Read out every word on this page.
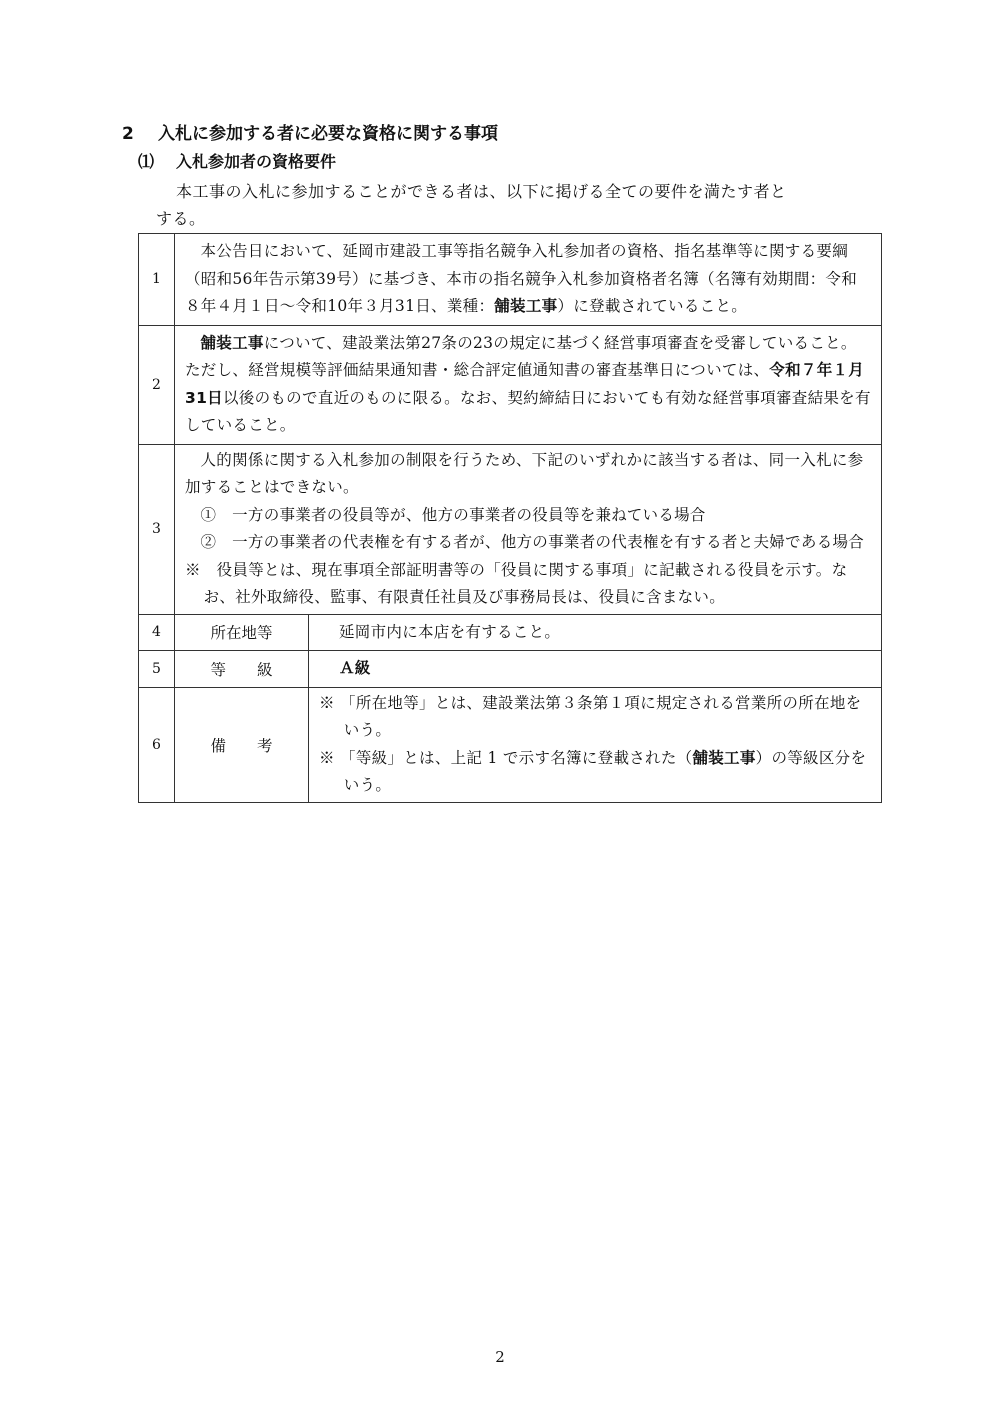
2 入札に参加する者に必要な資格に関する事項
⑴ 入札参加者の資格要件
本工事の入札に参加することができる者は、以下に掲げる全ての要件を満たす者と
する。
1	本公告日において、延岡市建設工事等指名競争入札参加者の資格、指名基準等に関する要綱（昭和56年告示第39号）に基づき、本市の指名競争入札参加資格者名簿（名簿有効期間：令和８年４月１日～令和10年３月31日、業種：舗装工事）に登載されていること。	

2	舗装工事について、建設業法第27条の23の規定に基づく経営事項審査を受審していること。ただし、経営規模等評価結果通知書・総合評定値通知書の審査基準日については、令和７年１月31日以後のもので直近のものに限る。なお、契約締結日においても有効な経営事項審査結果を有していること。	

3	人的関係に関する入札参加の制限を行うため、下記のいずれかに該当する者は、同一入札に参加することはできない。
①　一方の事業者の役員等が、他方の事業者の役員等を兼ねている場合
②　一方の事業者の代表権を有する者が、他方の事業者の代表権を有する者と夫婦である場合
※　役員等とは、現在事項全部証明書等の「役員に関する事項」に記載される役員を示す。なお、社外取締役、監事、有限責任社員及び事務局長は、役員に含まない。	

4	所在地等	延岡市内に本店を有すること。

5	等　　級	Ａ級

6	備　　考	※ 「所在地等」とは、建設業法第３条第１項に規定される営業所の所在地をいう。
※ 「等級」とは、上記 1 で示す名簿に登載された（舗装工事）の等級区分をいう。
2
